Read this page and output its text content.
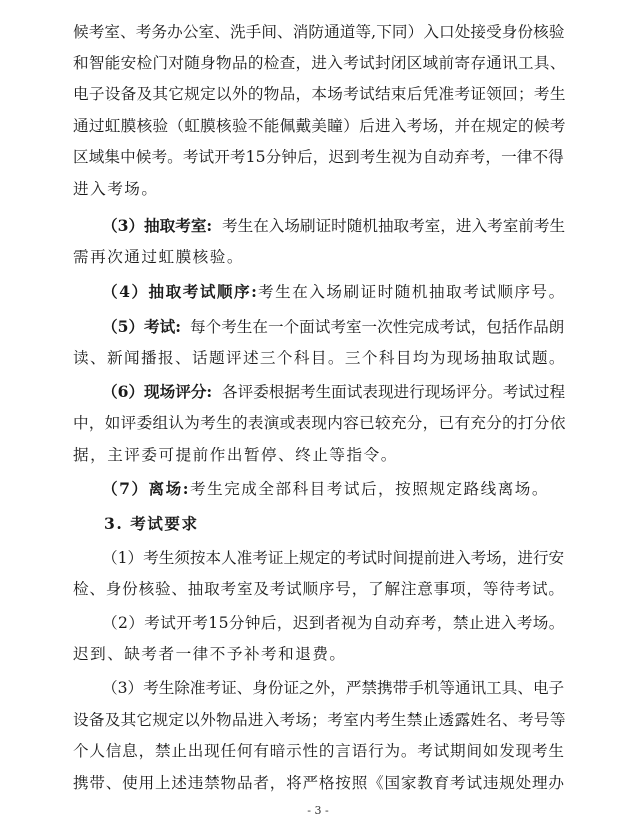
候考室、考务办公室、洗手间、消防通道等,下同）入口处接受身份核验
和智能安检门对随身物品的检查，进入考试封闭区域前寄存通讯工具、
电子设备及其它规定以外的物品，本场考试结束后凭准考证领回；考生
通过虹膜核验（虹膜核验不能佩戴美瞳）后进入考场，并在规定的候考
区域集中候考。考试开考15分钟后，迟到考生视为自动弃考，一律不得
进入考场。
（3）抽取考室: 考生在入场刷证时随机抽取考室，进入考室前考生
需再次通过虹膜核验。
（4）抽取考试顺序: 考生在入场刷证时随机抽取考试顺序号。
（5）考试: 每个考生在一个面试考室一次性完成考试，包括作品朗
读、新闻播报、话题评述三个科目。三个科目均为现场抽取试题。
（6）现场评分: 各评委根据考生面试表现进行现场评分。考试过程
中，如评委组认为考生的表演或表现内容已较充分，已有充分的打分依
据，主评委可提前作出暂停、终止等指令。
（7）离场: 考生完成全部科目考试后，按照规定路线离场。
3. 考试要求
（1）考生须按本人准考证上规定的考试时间提前进入考场，进行安
检、身份核验、抽取考室及考试顺序号，了解注意事项，等待考试。
（2）考试开考15分钟后，迟到者视为自动弃考，禁止进入考场。
迟到、缺考者一律不予补考和退费。
（3）考生除准考证、身份证之外，严禁携带手机等通讯工具、电子
设备及其它规定以外物品进入考场；考室内考生禁止透露姓名、考号等
个人信息，禁止出现任何有暗示性的言语行为。考试期间如发现考生
携带、使用上述违禁物品者，将严格按照《国家教育考试违规处理办
- 3 -
